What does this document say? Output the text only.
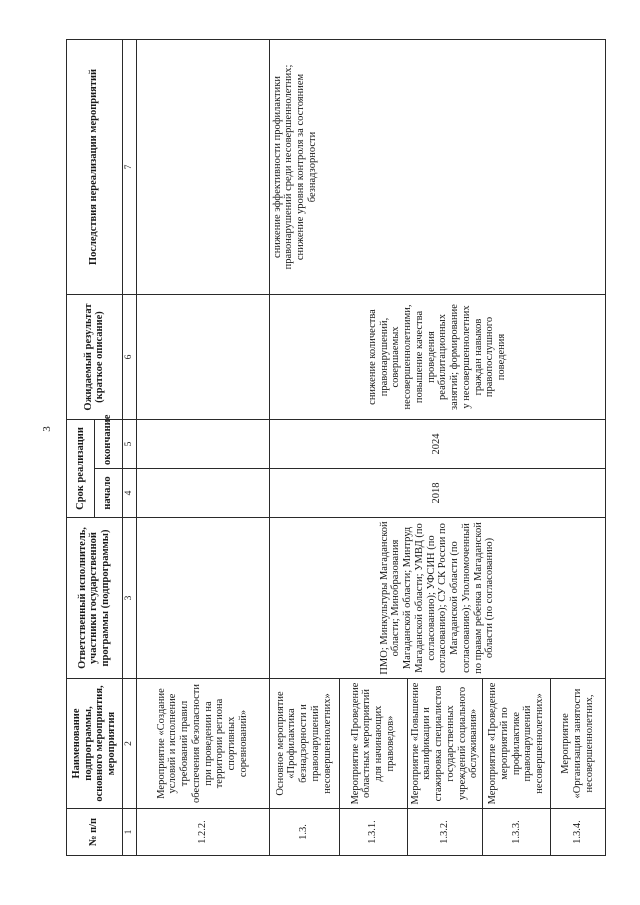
3
№ п/п	Наименование подпрограммы, основного мероприятия, мероприятия	Ответственный исполнитель, участники государственной программы (подпрограммы)	Срок реализации		Ожидаемый результат (краткое описание)	Последствия нереализации мероприятий
			начало	окончание		
1	2	3	4	5	6	7
1.2.2.	Мероприятие «Создание условий и исполнение требований правил обеспечения безопасности при проведении на территории региона спортивных соревнований»					
1.3.	Основное мероприятие «Профилактика безнадзорности и правонарушений несовершеннолетних»	ПМО; Минкультуры Магаданской области; Минобразования Магаданской области; Минтруд Магаданской области; УМВД (по согласованию); УФСИН (по согласованию); СУ СК России по Магаданской области (по согласованию); Уполномоченный по правам ребенка в Магаданской области (по согласованию)	2018	2024	снижение количества правонарушений, совершаемых несовершеннолетними, повышение качества проведения реабилитационных занятий; формирование у несовершеннолетних граждан навыков правопослушного поведения	снижение эффективности профилактики правонарушений среди несовершеннолетних; снижение уровня контроля за состоянием безнадзорности
1.3.1.	Мероприятие «Проведение областных мероприятий для начинающих правоведов»					
1.3.2.	Мероприятие «Повышение квалификации и стажировка специалистов государственных учреждений социального обслуживания»					
1.3.3.	Мероприятие «Проведение мероприятий по профилактике правонарушений несовершеннолетних»					
1.3.4.	Мероприятие «Организация занятости несовершеннолетних,					
